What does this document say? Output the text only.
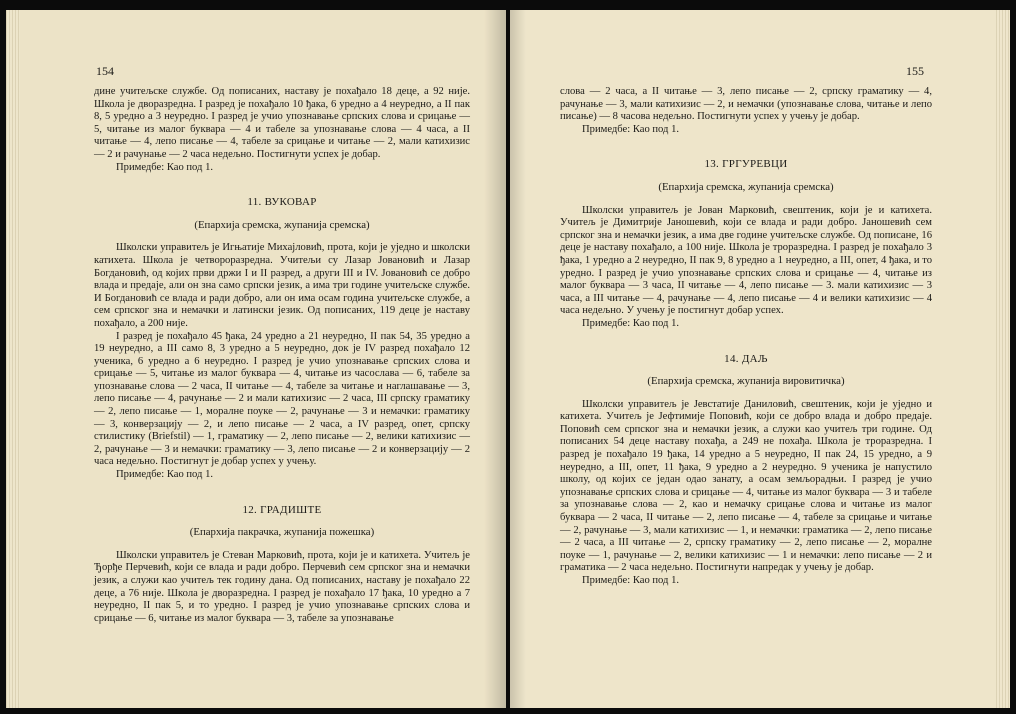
154

дине учитељске службе. Од пописаних, наставу је похађало 18 деце, а 92 није. Школа је дворазредна. I разред је похађало 10 ђака, 6 уредно а 4 неуредно, а II пак 8, 5 уредно а 3 неуредно. I разред је учио упознавање српских слова и срицање — 5, читање из малог буквара — 4 и табеле за упознавање слова — 4 часа, а II читање — 4, лепо писање — 4, табеле за срицање и читање — 2, мали катихизис — 2 и рачунање — 2 часа недељно. Постигнути успех је добар.

Примедбе: Као под 1.

11. ВУКОВАР
(Епархија сремска, жупанија сремска)

Школски управитељ је Игњатије Михајловић, прота, који је уједно и школски катихета. Школа је четвороразредна. Учитељи су Лазар Јовановић и Лазар Богдановић, од којих први држи I и II разред, а други III и IV. Јовановић се добро влада и предаје, али он зна само српски језик, а има три године учитељске службе. И Богдановић се влада и ради добро, али он има осам година учитељске службе, а сем српског зна и немачки и латински језик. Од пописаних, 119 деце је наставу похађало, а 200 није.

I разред је похађало 45 ђака, 24 уредно а 21 неуредно, II пак 54, 35 уредно а 19 неуредно, а III само 8, 3 уредно а 5 неуредно, док је IV разред похађало 12 ученика, 6 уредно а 6 неуредно. I разред је учио упознавање српских слова и срицање — 5, читање из малог буквара — 4, читање из часослава — 6, табеле за упознавање слова — 2 часа, II читање — 4, табеле за читање и наглашавање — 3, лепо писање — 4, рачунање — 2 и мали катихизис — 2 часа, III српску граматику — 2, лепо писање — 1, моралне поуке — 2, рачунање — 3 и немачки: граматику — 3, конверзацију — 2, и лепо писање — 2 часа, а IV разред, опет, српску стилистику (Briefstil) — 1, граматику — 2, лепо писање — 2, велики катихизис — 2, рачунање — 3 и немачки: граматику — 3, лепо писање — 2 и конверзацију — 2 часа недељно. Постигнут је добар успех у учењу.

Примедбе: Као под 1.

12. ГРАДИШТЕ
(Епархија пакрачка, жупанија пожешка)

Школски управитељ је Стеван Марковић, прота, који је и катихета. Учитељ је Ђорђе Перчевић, који се влада и ради добро. Перчевић сем српског зна и немачки језик, а служи као учитељ тек годину дана. Од пописаних, наставу је похађало 22 деце, а 76 није. Школа је дворазредна. I разред је похађало 17 ђака, 10 уредно а 7 неуредно, II пак 5, и то уредно. I разред је учио упознавање српских слова и срицање — 6, читање из малог буквара — 3, табеле за упознавање

155

слова — 2 часа, а II читање — 3, лепо писање — 2, српску граматику — 4, рачунање — 3, мали катихизис — 2, и немачки (упознавање слова, читање и лепо писање) — 8 часова недељно. Постигнути успех у учењу је добар.

Примедбе: Као под 1.

13. ГРГУРЕВЦИ
(Епархија сремска, жупанија сремска)

Школски управитељ је Јован Марковић, свештеник, који је и катихета. Учитељ је Димитрије Јаношевић, који се влада и ради добро. Јаношевић сем српског зна и немачки језик, а има две године учитељске службе. Од пописане, 16 деце је наставу похађало, а 100 није. Школа је троразредна. I разред је похађало 3 ђака, 1 уредно а 2 неуредно, II пак 9, 8 уредно а 1 неуредно, а III, опет, 4 ђака, и то уредно. I разред је учио упознавање српских слова и срицање — 4, читање из малог буквара — 3 часа, II читање — 4, лепо писање — 3. мали катихизис — 3 часа, а III читање — 4, рачунање — 4, лепо писање — 4 и велики катихизис — 4 часа недељно. У учењу је постигнут добар успех.

Примедбе: Као под 1.

14. ДАЉ
(Епархија сремска, жупанија вировитичка)

Школски управитељ је Јевстатије Даниловић, свештеник, који је уједно и катихета. Учитељ је Јефтимије Поповић, који се добро влада и добро предаје. Поповић сем српског зна и немачки језик, а служи као учитељ три године. Од пописаних 54 деце наставу похађа, а 249 не похађа. Школа је троразредна. I разред је похађало 19 ђака, 14 уредно а 5 неуредно, II пак 24, 15 уредно, а 9 неуредно, а III, опет, 11 ђака, 9 уредно а 2 неуредно. 9 ученика је напустило школу, од којих се један одао занату, а осам земљорадњи. I разред је учио упознавање српских слова и срицање — 4, читање из малог буквара — 3 и табеле за упознавање слова — 2, као и немачку срицање слова и читање из малог буквара — 2 часа, II читање — 2, лепо писање — 4, табеле за срицање и читање — 2, рачунање — 3, мали катихизис — 1, и немачки: граматика — 2, лепо писање — 2 часа, а III читање — 2, српску граматику — 2, лепо писање — 2, моралне поуке — 1, рачунање — 2, велики катихизис — 1 и немачки: лепо писање — 2 и граматика — 2 часа недељно. Постигнути напредак у учењу је добар.

Примедбе: Као под 1.
